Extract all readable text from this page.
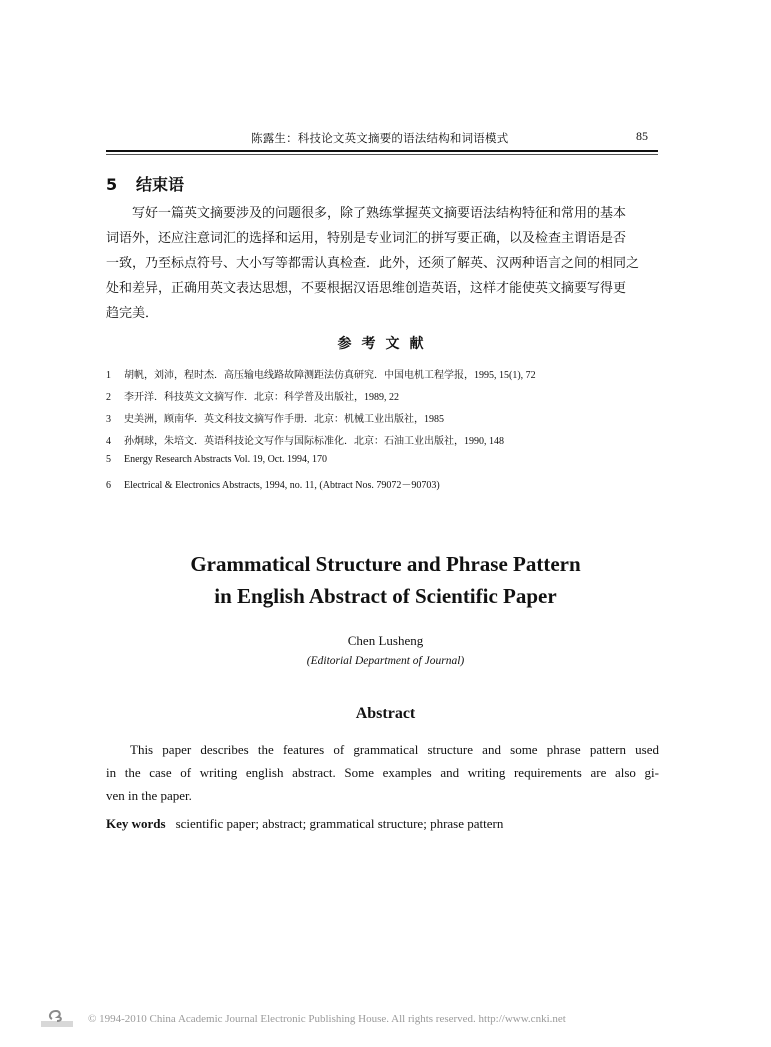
陈露生：科技论文英文摘要的语法结构和词语模式	85
5 结束语
写好一篇英文摘要涉及的问题很多，除了熟练掌握英文摘要语法结构特征和常用的基本
词语外，还应注意词汇的选择和运用，特别是专业词汇的拼写要正确，以及检查主谓语是否
一致，乃至标点符号、大小写等都需认真检查．此外，还须了解英、汉两种语言之间的相同之
处和差异，正确用英文表达思想，不要根据汉语思维创造英语，这样才能使英文摘要写得更
趋完美．
参考文献
1 胡帆，刘沛，程时杰．高压输电线路故障测距法仿真研究．中国电机工程学报，1995, 15(1), 72
2 李开洋．科技英文文摘写作．北京：科学普及出版社，1989, 22
3 史美洲，顾南华．英文科技文摘写作手册．北京：机械工业出版社，1985
4 孙炯球，朱培文．英语科技论文写作与国际标准化．北京：石油工业出版社，1990, 148
5 Energy Research Abstracts Vol. 19, Oct. 1994, 170
6 Electrical & Electronics Abstracts, 1994, no. 11, (Abtract Nos. 79072－90703)
Grammatical Structure and Phrase Pattern
in English Abstract of Scientific Paper
Chen Lusheng
(Editorial Department of Journal)
Abstract
This paper describes the features of grammatical structure and some phrase pattern used
in the case of writing english abstract. Some examples and writing requirements are also gi-
ven in the paper.
Key words scientific paper; abstract; grammatical structure; phrase pattern
© 1994-2010 China Academic Journal Electronic Publishing House. All rights reserved. http://www.cnki.net
